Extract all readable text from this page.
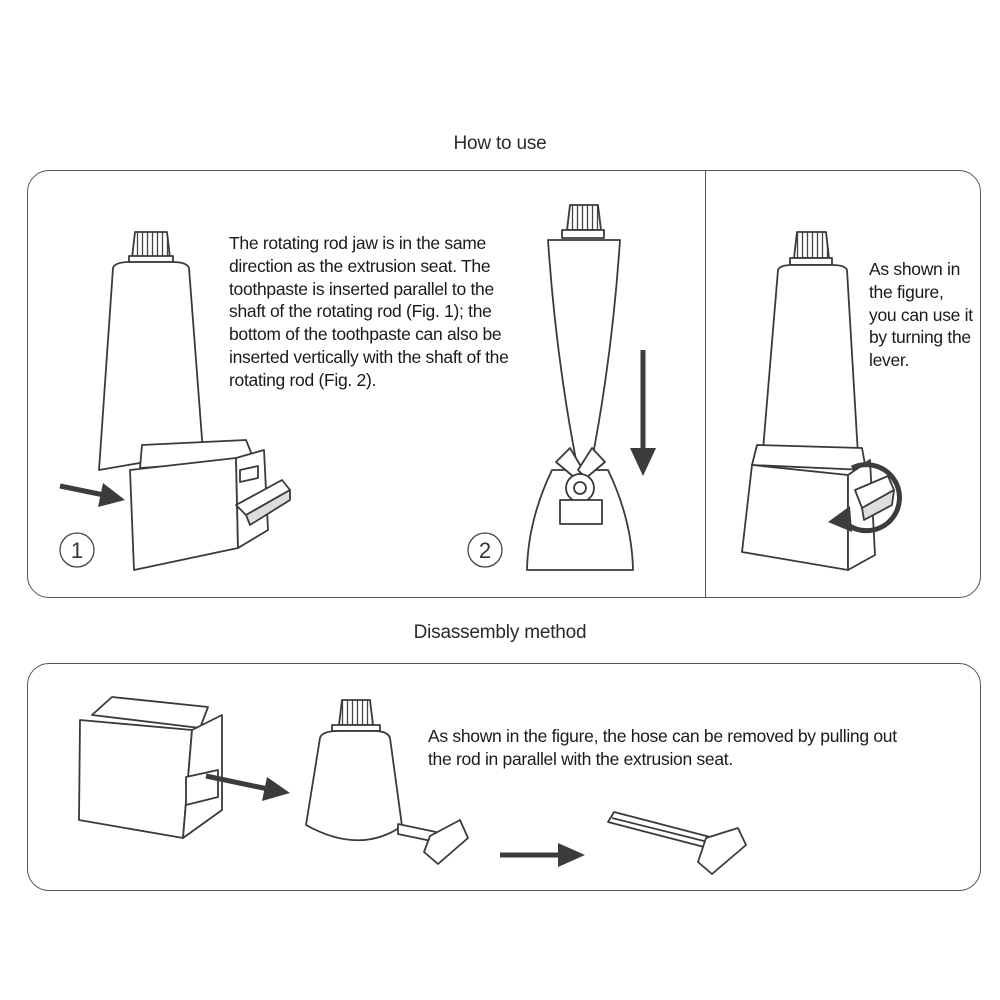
How to use
Disassembly method
The rotating rod jaw is in the same direction as the extrusion seat. The toothpaste is inserted parallel to the shaft of the rotating rod (Fig. 1); the bottom of the toothpaste can also be inserted vertically with the shaft of the rotating rod (Fig. 2).
As shown in the figure, you can use it by turning the lever.
As shown in the figure, the hose can be removed by pulling out the rod in parallel with the extrusion seat.
1	2
